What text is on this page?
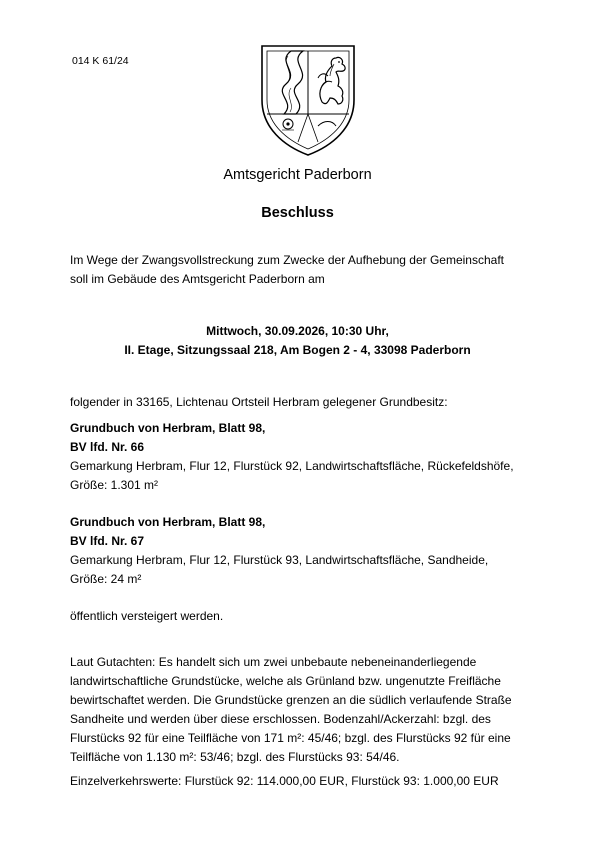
014 K 61/24
Amtsgericht Paderborn
Beschluss
Im Wege der Zwangsvollstreckung zum Zwecke der Aufhebung der Gemeinschaft
soll im Gebäude des Amtsgericht Paderborn am
Mittwoch, 30.09.2026, 10:30 Uhr,
II. Etage, Sitzungssaal 218, Am Bogen 2 - 4, 33098 Paderborn
folgender in 33165, Lichtenau Ortsteil Herbram gelegener Grundbesitz:
Grundbuch von Herbram, Blatt 98,
BV lfd. Nr. 66
Gemarkung Herbram, Flur 12, Flurstück 92, Landwirtschaftsfläche, Rückefeldshöfe,
Größe: 1.301 m²
Grundbuch von Herbram, Blatt 98,
BV lfd. Nr. 67
Gemarkung Herbram, Flur 12, Flurstück 93, Landwirtschaftsfläche, Sandheide,
Größe: 24 m²
öffentlich versteigert werden.
Laut Gutachten: Es handelt sich um zwei unbebaute nebeneinanderliegende
landwirtschaftliche Grundstücke, welche als Grünland bzw. ungenutzte Freifläche
bewirtschaftet werden. Die Grundstücke grenzen an die südlich verlaufende Straße
Sandheite und werden über diese erschlossen. Bodenzahl/Ackerzahl: bzgl. des
Flurstücks 92 für eine Teilfläche von 171 m²: 45/46; bzgl. des Flurstücks 92 für eine
Teilfläche von 1.130 m²: 53/46; bzgl. des Flurstücks 93: 54/46.
Einzelverkehrswerte: Flurstück 92: 114.000,00 EUR, Flurstück 93: 1.000,00 EUR
